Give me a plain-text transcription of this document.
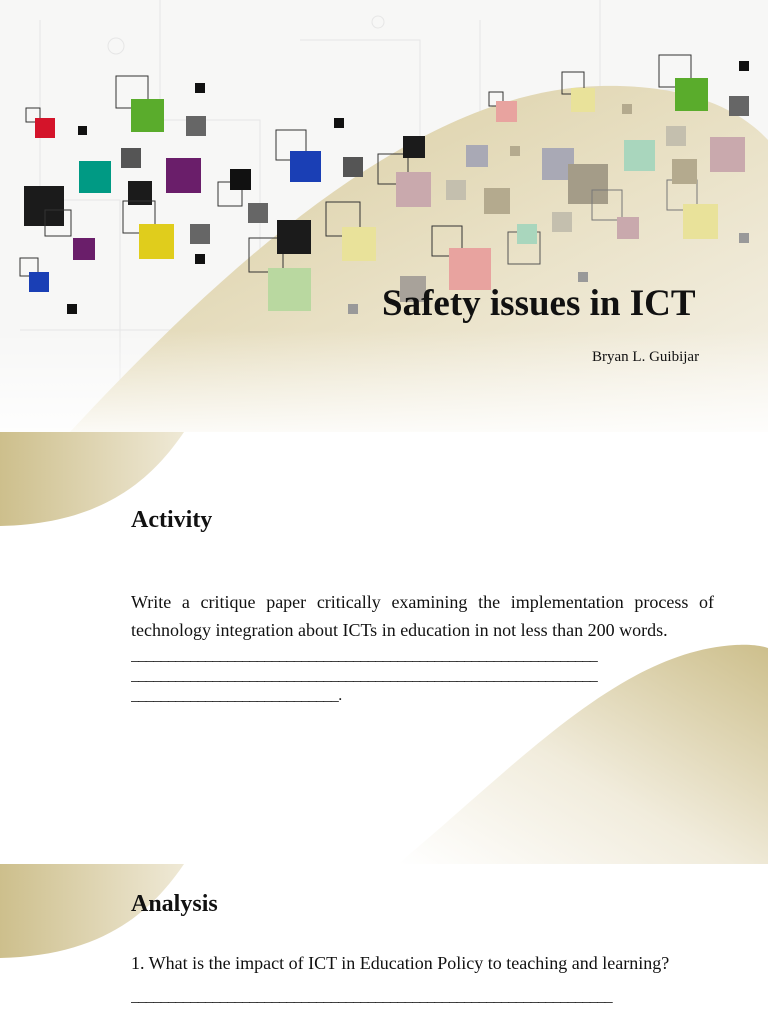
Safety issues in ICT
Bryan L. Guibijar
Activity
Write a critique paper critically examining the implementation process of technology integration about ICTs in education in not less than 200 words.
_______________________________________________________________
_______________________________________________________________
____________________________.
Analysis
1. What is the impact of ICT in Education Policy to teaching and learning?
_________________________________________________________________
